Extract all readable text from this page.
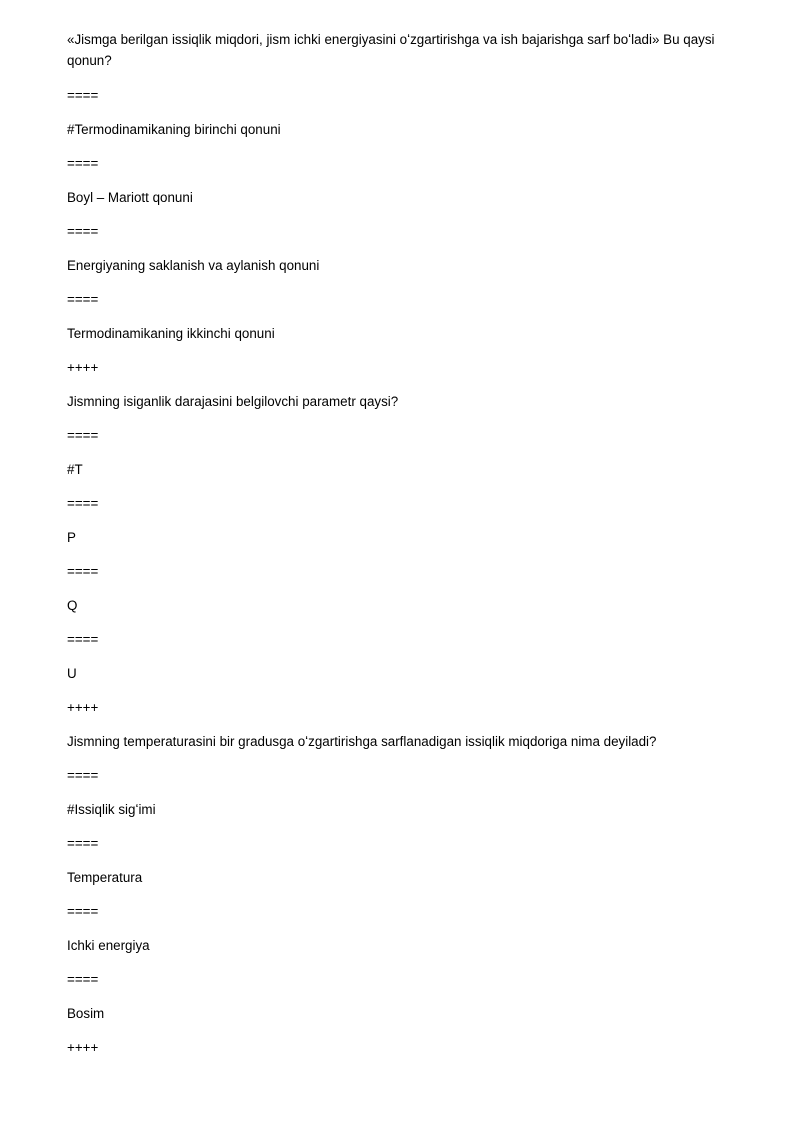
«Jismga berilgan issiqlik miqdori, jism ichki energiyasini oʻzgartirishga va ish bajarishga sarf boʻladi» Bu qaysi qonun?

====

#Termodinamikaning birinchi qonuni

====

Boyl – Mariott qonuni

====

Energiyaning saklanish va aylanish qonuni

====

Termodinamikaning ikkinchi qonuni

++++

Jismning isiganlik darajasini belgilovchi parametr qaysi?

====

#T

====

P

====

Q

====

U

++++

Jismning temperaturasini bir gradusga oʻzgartirishga sarflanadigan issiqlik miqdoriga nima deyiladi?

====

#Issiqlik sigʻimi

====

Temperatura

====

Ichki energiya

====

Bosim

++++
